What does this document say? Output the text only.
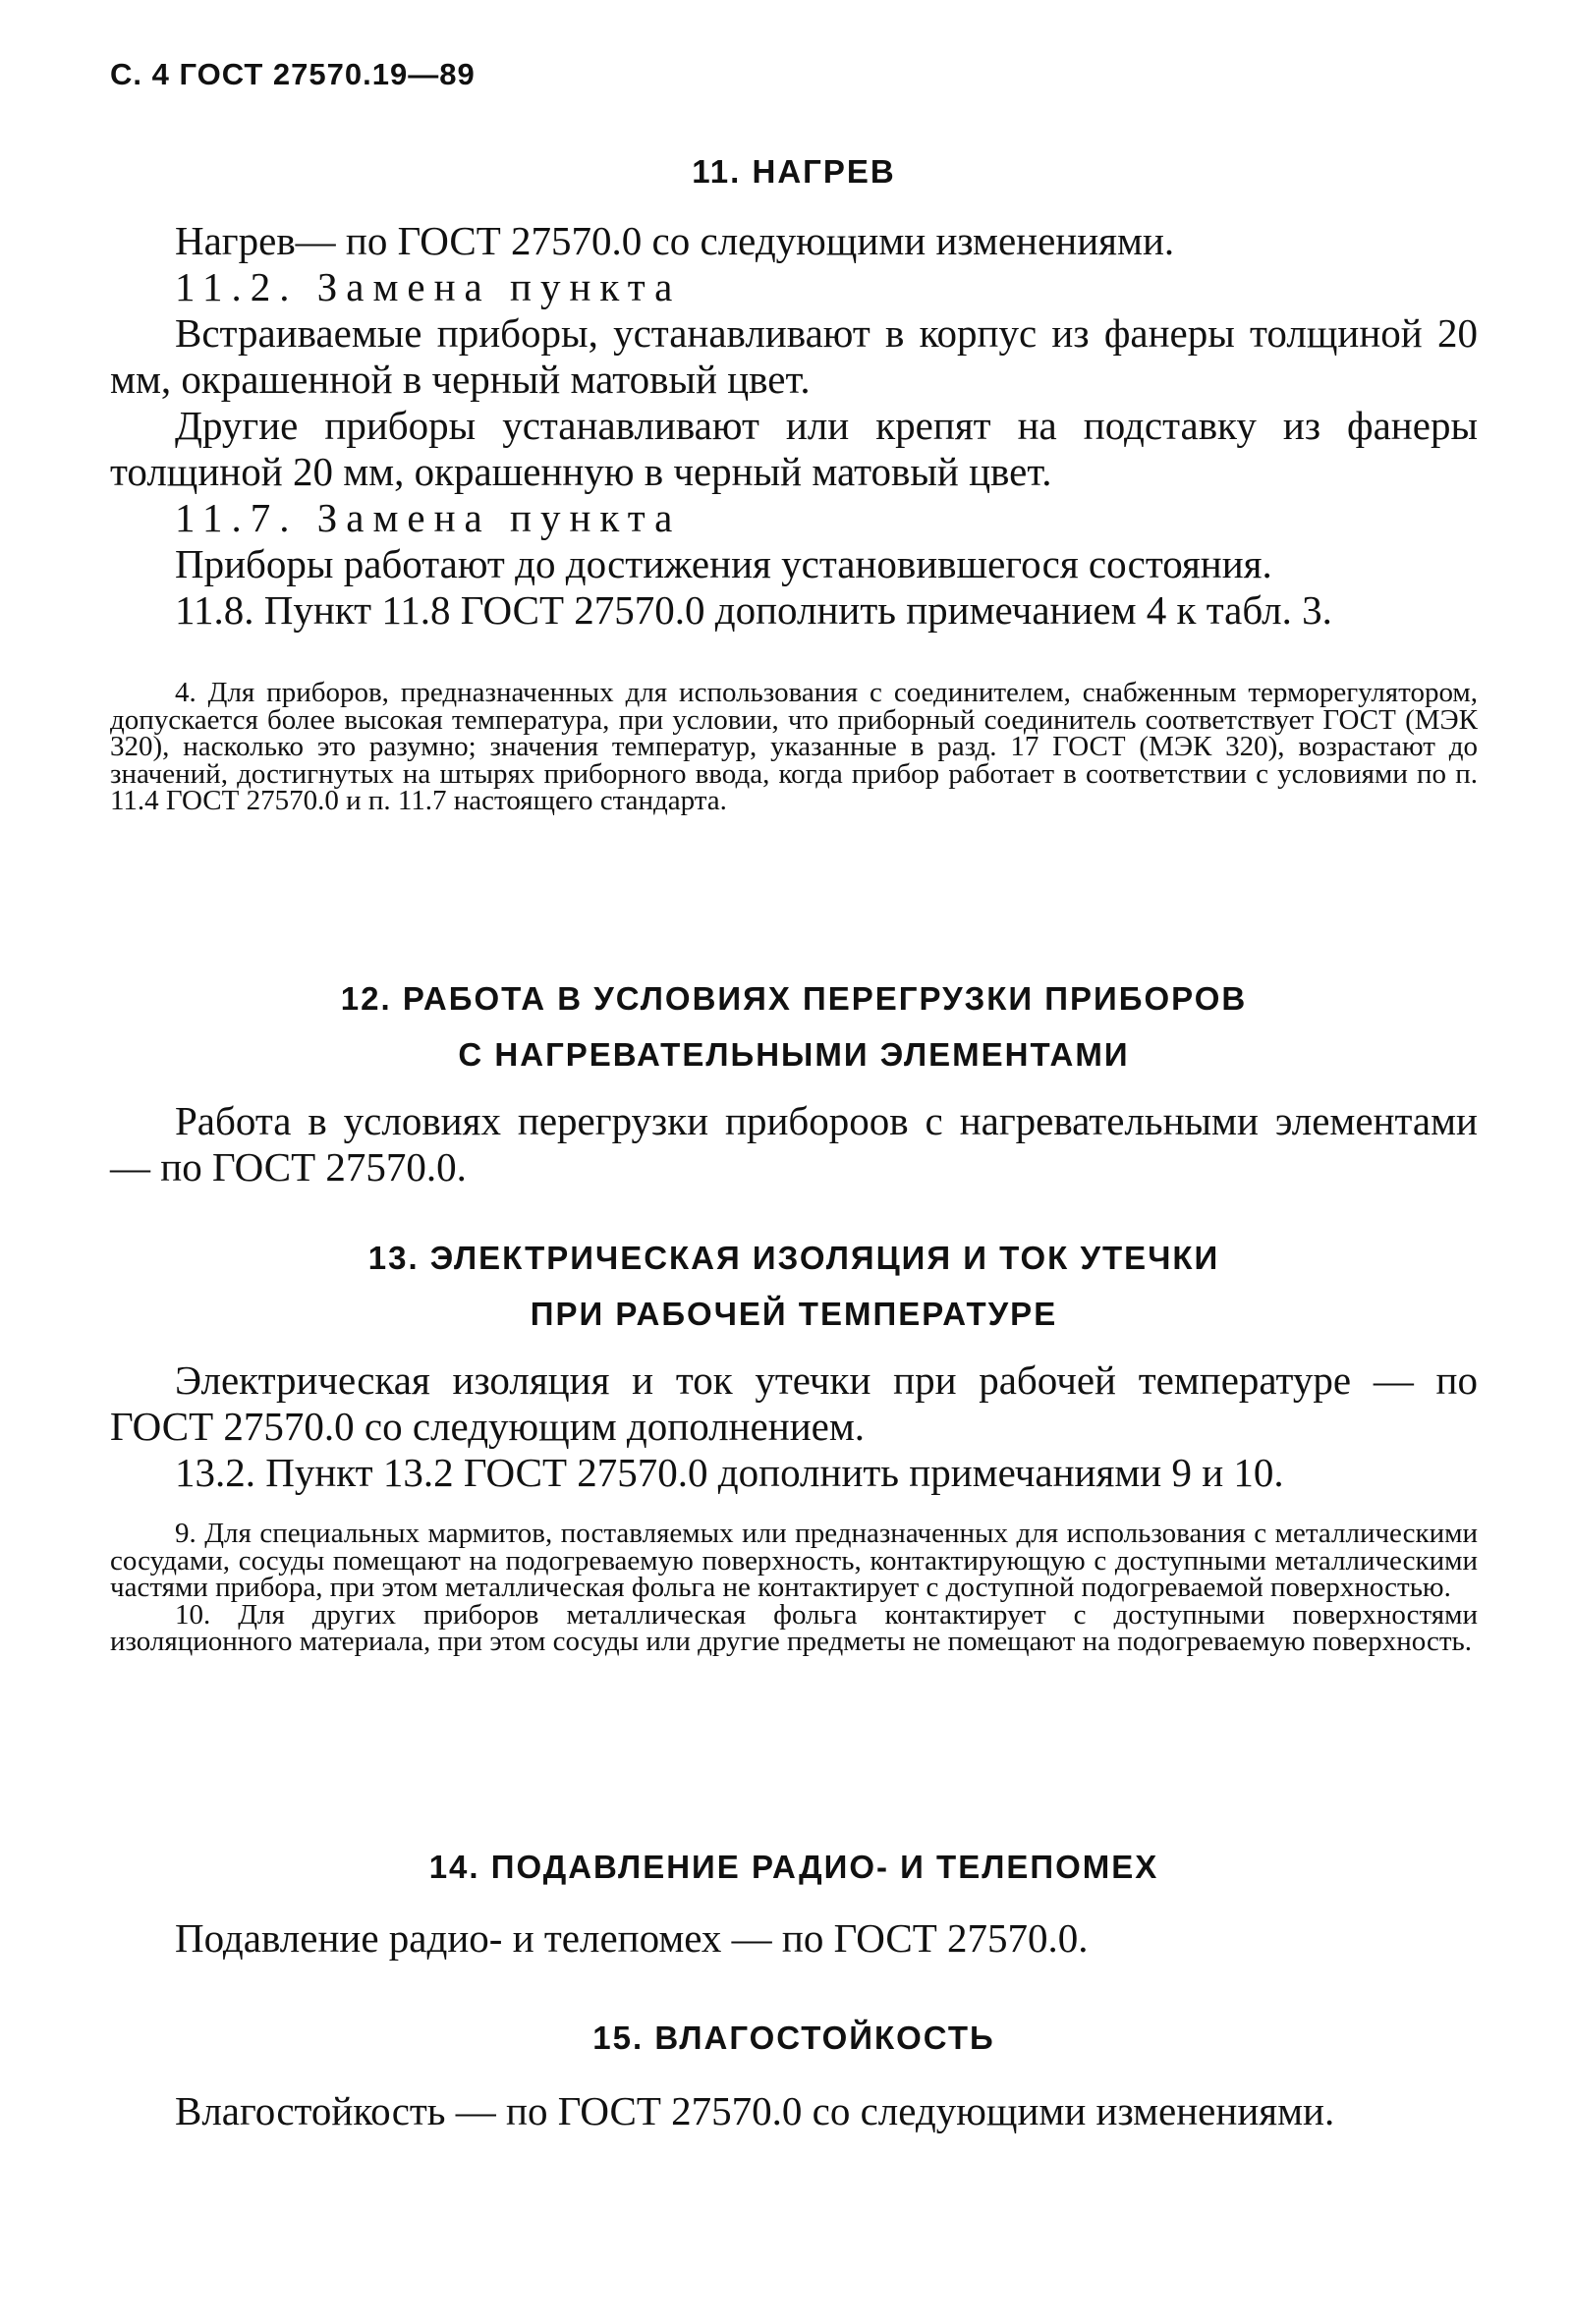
С. 4 ГОСТ 27570.19—89
11. НАГРЕВ

Нагрев— по ГОСТ 27570.0 со следующими изменениями.

11.2. Замена пункта

Встраиваемые приборы, устанавливают в корпус из фанеры толщиной 20 мм, окрашенной в черный матовый цвет.

Другие приборы устанавливают или крепят на подставку из фанеры толщиной 20 мм, окрашенную в черный матовый цвет.

11.7. Замена пункта

Приборы работают до достижения установившегося состояния.

11.8. Пункт 11.8 ГОСТ 27570.0 дополнить примечанием 4 к табл. 3.

4. Для приборов, предназначенных для использования с соединителем, снабженным терморегулятором, допускается более высокая температура, при условии, что приборный соединитель соответствует ГОСТ (МЭК 320), насколько это разумно; значения температур, указанные в разд. 17 ГОСТ (МЭК 320), возрастают до значений, достигнутых на штырях приборного ввода, когда прибор работает в соответствии с условиями по п. 11.4 ГОСТ 27570.0 и п. 11.7 настоящего стандарта.

12. РАБОТА В УСЛОВИЯХ ПЕРЕГРУЗКИ ПРИБОРОВ
С НАГРЕВАТЕЛЬНЫМИ ЭЛЕМЕНТАМИ

Работа в условиях перегрузки прибороов с нагревательными элементами — по ГОСТ 27570.0.

13. ЭЛЕКТРИЧЕСКАЯ ИЗОЛЯЦИЯ И ТОК УТЕЧКИ
ПРИ РАБОЧЕЙ ТЕМПЕРАТУРЕ

Электрическая изоляция и ток утечки при рабочей температуре — по ГОСТ 27570.0 со следующим дополнением.

13.2. Пункт 13.2 ГОСТ 27570.0 дополнить примечаниями 9 и 10.

9. Для специальных мармитов, поставляемых или предназначенных для использования с металлическими сосудами, сосуды помещают на подогреваемую поверхность, контактирующую с доступными металлическими частями прибора, при этом металлическая фольга не контактирует с доступной подогреваемой поверхностью.

10. Для других приборов металлическая фольга контактирует с доступными поверхностями изоляционного материала, при этом сосуды или другие предметы не помещают на подогреваемую поверхность.

14. ПОДАВЛЕНИЕ РАДИО- И ТЕЛЕПОМЕХ

Подавление радио- и телепомех — по ГОСТ 27570.0.

15. ВЛАГОСТОЙКОСТЬ

Влагостойкость — по ГОСТ 27570.0 со следующими изменениями.
